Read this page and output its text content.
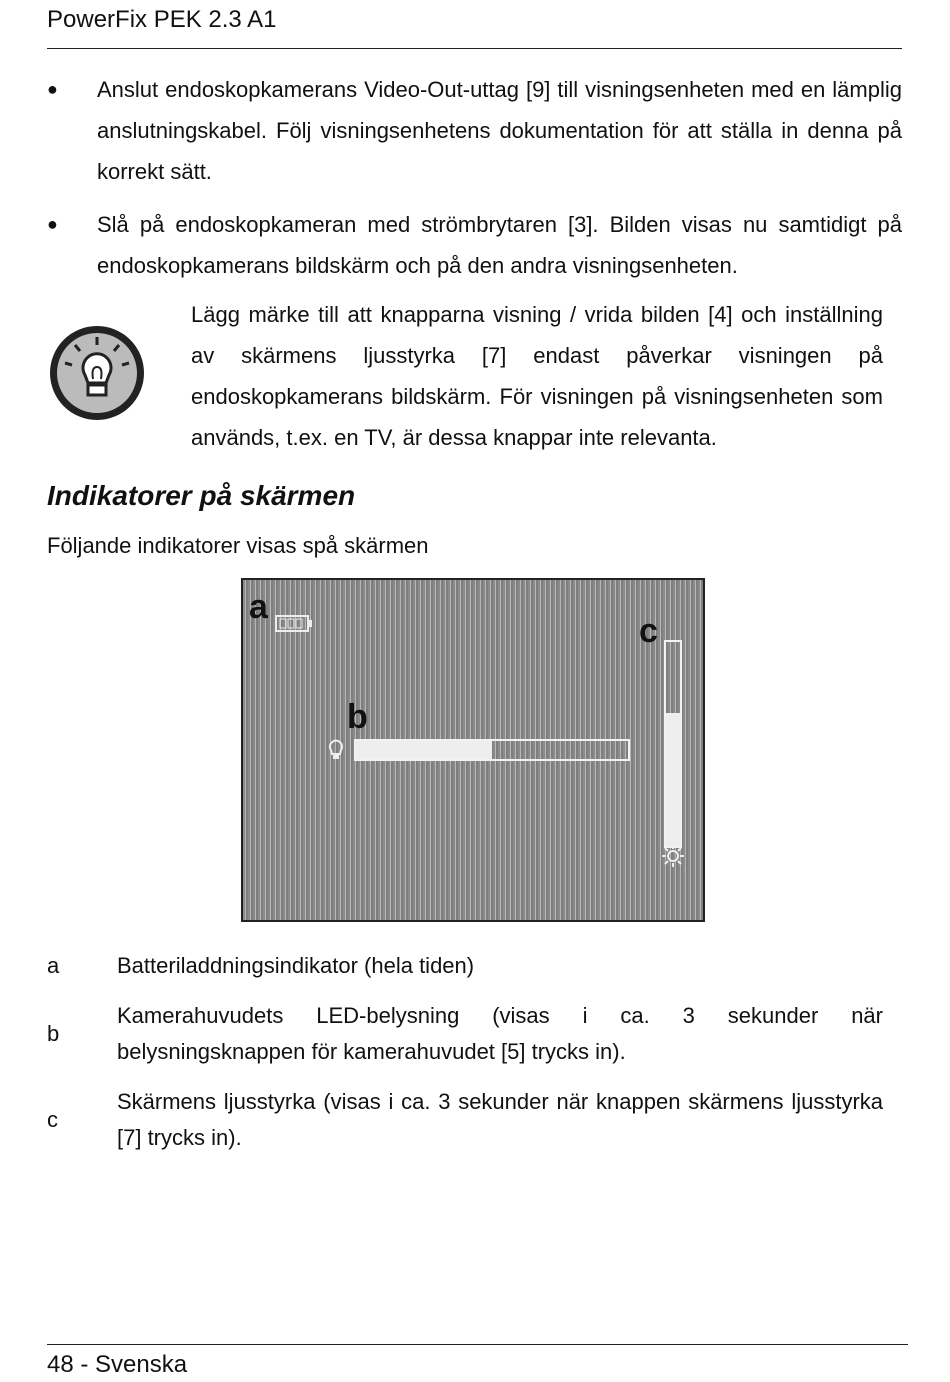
PowerFix PEK 2.3 A1
●	Anslut endoskopkamerans Video-Out-uttag [9] till visningsenheten med en lämplig anslutningskabel. Följ visningsenhetens dokumentation för att ställa in denna på korrekt sätt.
●	Slå på endoskopkameran med strömbrytaren [3]. Bilden visas nu samtidigt på endoskopkamerans bildskärm och på den andra visningsenheten.
Lägg märke till att knapparna visning / vrida bilden [4] och inställning av skärmens ljusstyrka [7] endast påverkar visningen på endoskopkamerans bildskärm. För visningen på visningsenheten som används, t.ex. en TV, är dessa knappar inte relevanta.
Indikatorer på skärmen
Följande indikatorer visas spå skärmen
a
b
c
a	Batteriladdningsindikator (hela tiden)
b
Kamerahuvudets LED-belysning (visas i ca. 3 sekunder när belysningsknappen för kamerahuvudet [5] trycks in).
c
Skärmens ljusstyrka (visas i ca. 3 sekunder när knappen skärmens ljusstyrka [7] trycks in).
48 - Svenska
